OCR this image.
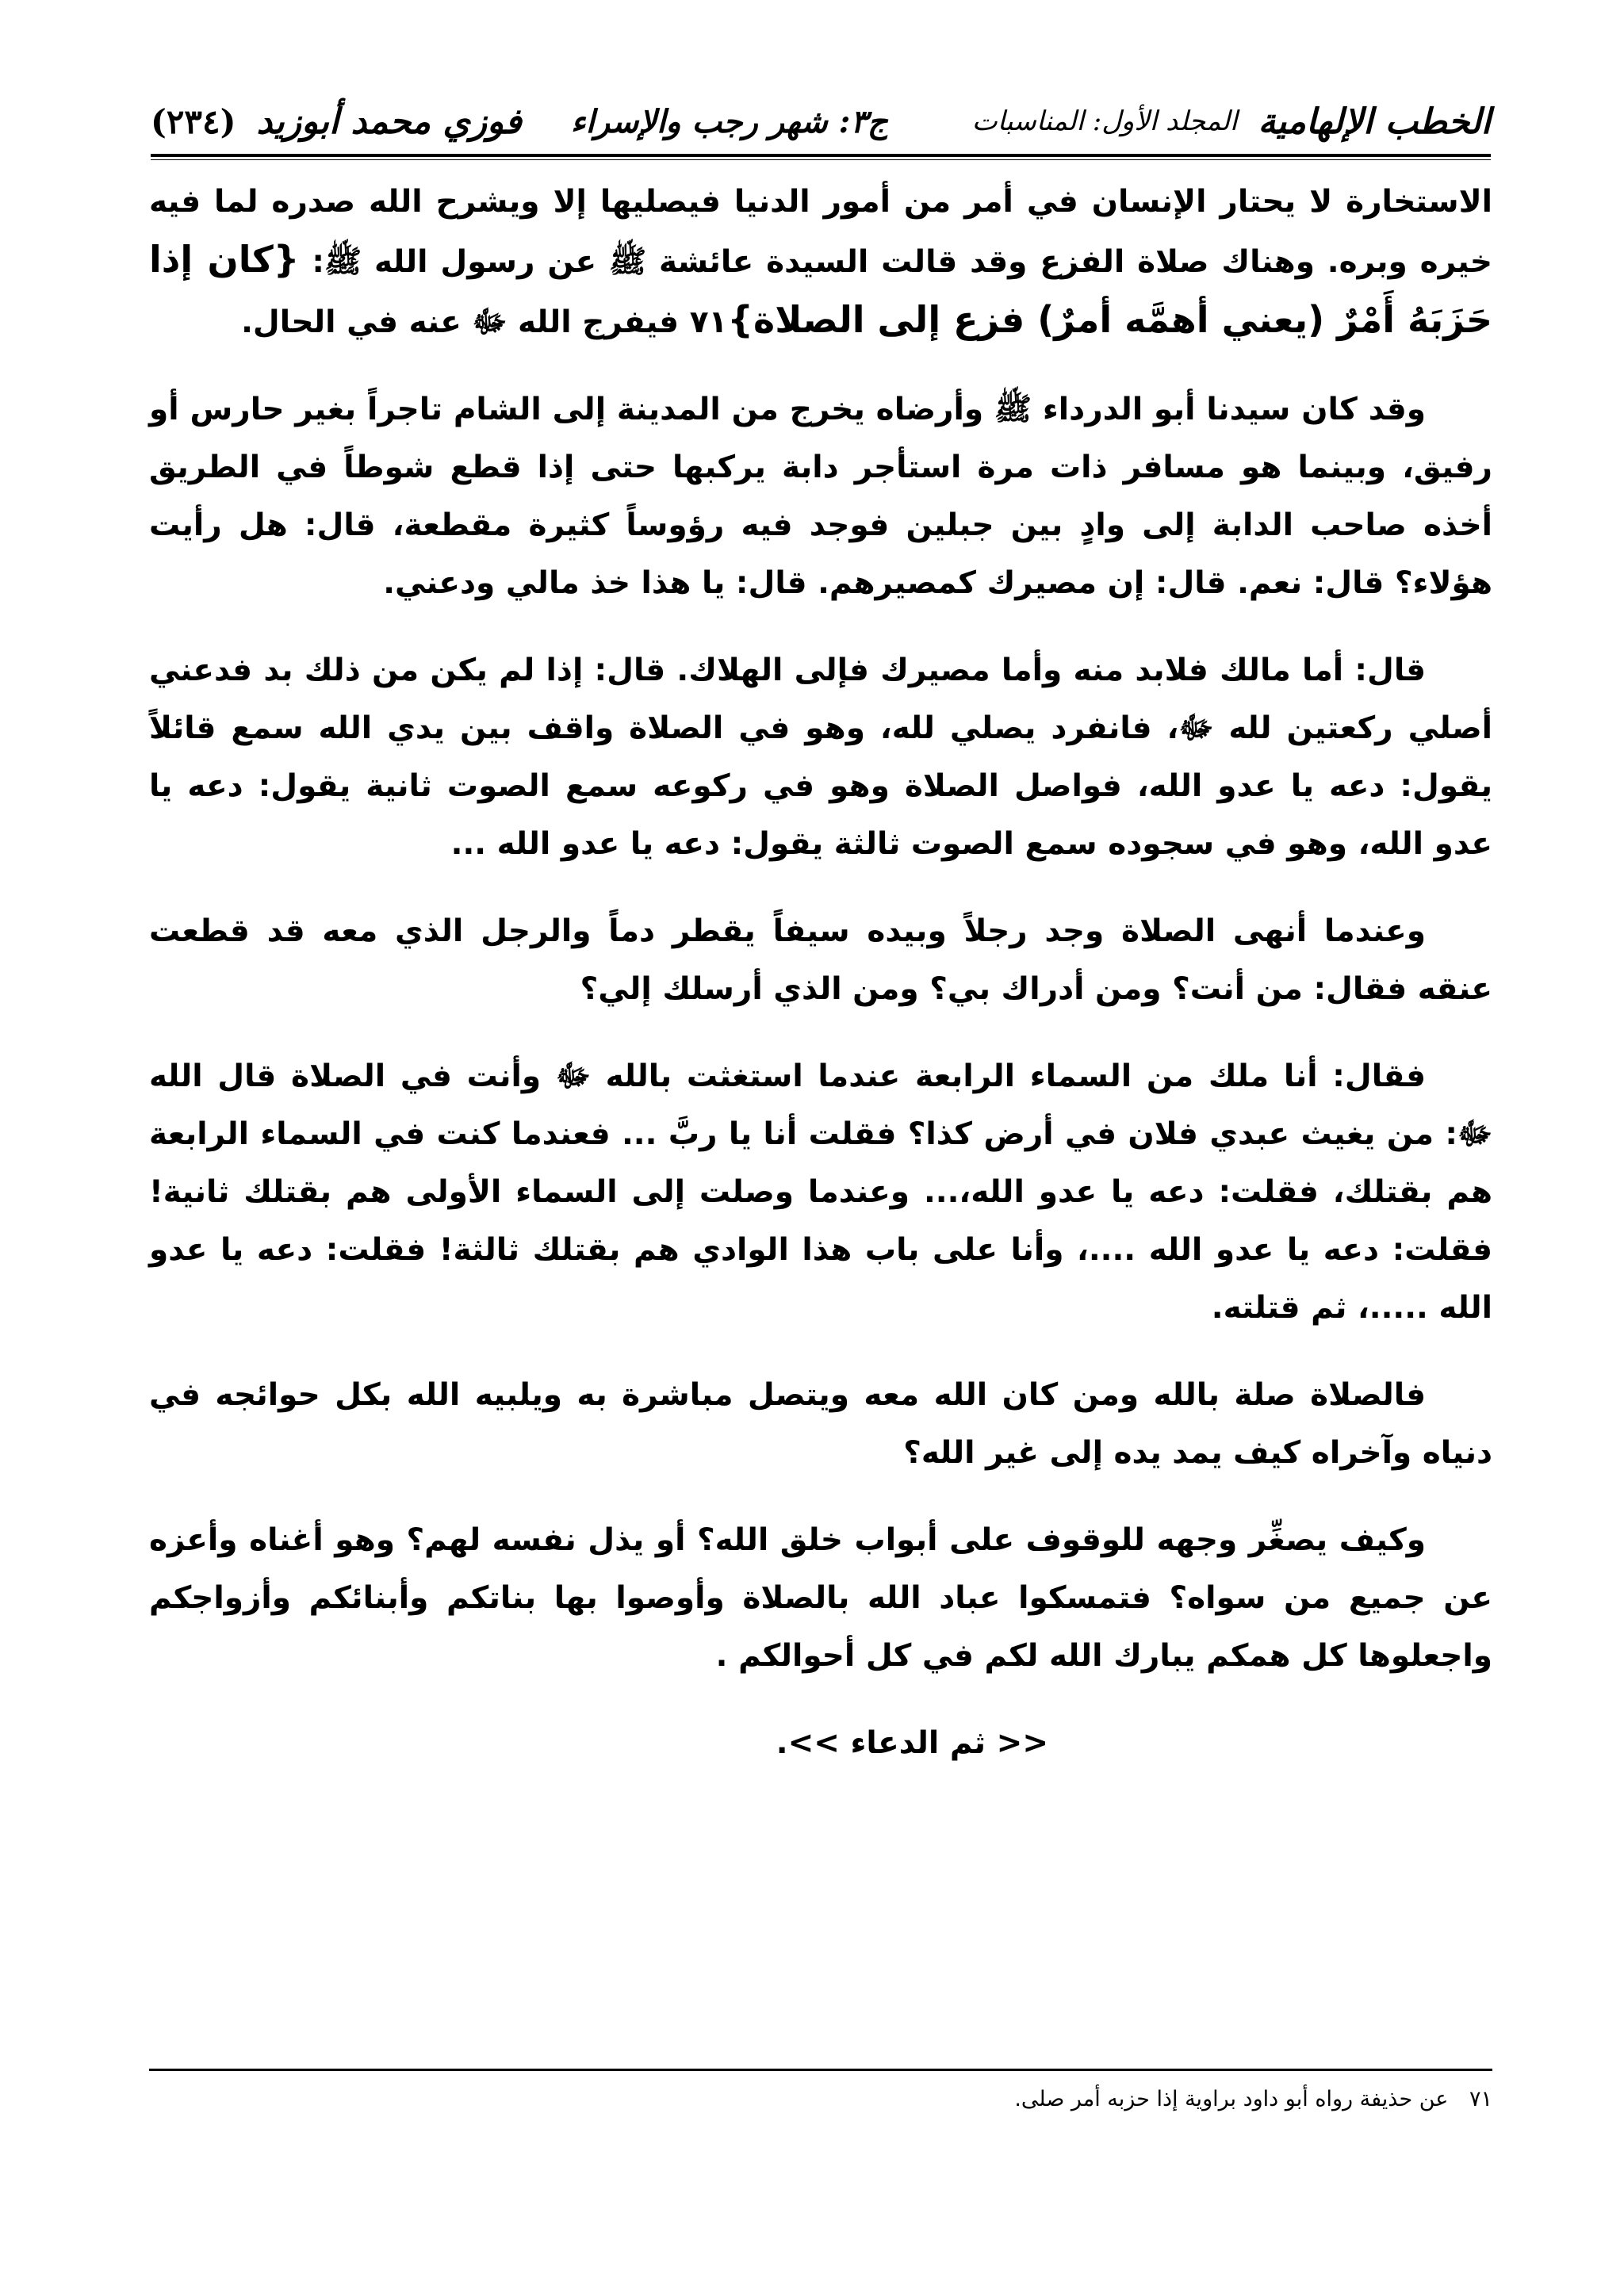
الخطب الإلهامية
المجلد الأول: المناسبات
ج٣: شهر رجب والإسراء
فوزي محمد أبوزيد
(٢٣٤)

الاستخارة لا يحتار الإنسان في أمر من أمور الدنيا فيصليها إلا ويشرح الله صدره لما فيه خيره وبره. وهناك صلاة الفزع وقد قالت السيدة عائشة ﷺ عن رسول الله ﷺ: {كان إذا حَزَبَهُ أَمْرٌ (يعني أهمَّه أمرٌ) فزع إلى الصلاة}٧١ فيفرج الله ﷻ عنه في الحال.

وقد كان سيدنا أبو الدرداء ﷺ وأرضاه يخرج من المدينة إلى الشام تاجراً بغير حارس أو رفيق، وبينما هو مسافر ذات مرة استأجر دابة يركبها حتى إذا قطع شوطاً في الطريق أخذه صاحب الدابة إلى وادٍ بين جبلين فوجد فيه رؤوساً كثيرة مقطعة، قال: هل رأيت هؤلاء؟ قال: نعم. قال: إن مصيرك كمصيرهم. قال: يا هذا خذ مالي ودعني.

قال: أما مالك فلابد منه وأما مصيرك فإلى الهلاك. قال: إذا لم يكن من ذلك بد فدعني أصلي ركعتين لله ﷻ، فانفرد يصلي لله، وهو في الصلاة واقف بين يدي الله سمع قائلاً يقول: دعه يا عدو الله، فواصل الصلاة وهو في ركوعه سمع الصوت ثانية يقول: دعه يا عدو الله، وهو في سجوده سمع الصوت ثالثة يقول: دعه يا عدو الله ...

وعندما أنهى الصلاة وجد رجلاً وبيده سيفاً يقطر دماً والرجل الذي معه قد قطعت عنقه فقال: من أنت؟ ومن أدراك بي؟ ومن الذي أرسلك إلي؟

فقال: أنا ملك من السماء الرابعة عندما استغثت بالله ﷻ وأنت في الصلاة قال الله ﷻ: من يغيث عبدي فلان في أرض كذا؟ فقلت أنا يا ربَّ ... فعندما كنت في السماء الرابعة هم بقتلك، فقلت: دعه يا عدو الله،... وعندما وصلت إلى السماء الأولى هم بقتلك ثانية! فقلت: دعه يا عدو الله ....، وأنا على باب هذا الوادي هم بقتلك ثالثة! فقلت: دعه يا عدو الله .....، ثم قتلته.

فالصلاة صلة بالله ومن كان الله معه ويتصل مباشرة به ويلبيه الله بكل حوائجه في دنياه وآخراه كيف يمد يده إلى غير الله؟

وكيف يصغِّر وجهه للوقوف على أبواب خلق الله؟ أو يذل نفسه لهم؟ وهو أغناه وأعزه عن جميع من سواه؟ فتمسكوا عباد الله بالصلاة وأوصوا بها بناتكم وأبنائكم وأزواجكم واجعلوها كل همكم يبارك الله لكم في كل أحوالكم .

<< ثم الدعاء >>.

٧١ عن حذيفة رواه أبو داود براوية إذا حزبه أمر صلى.
